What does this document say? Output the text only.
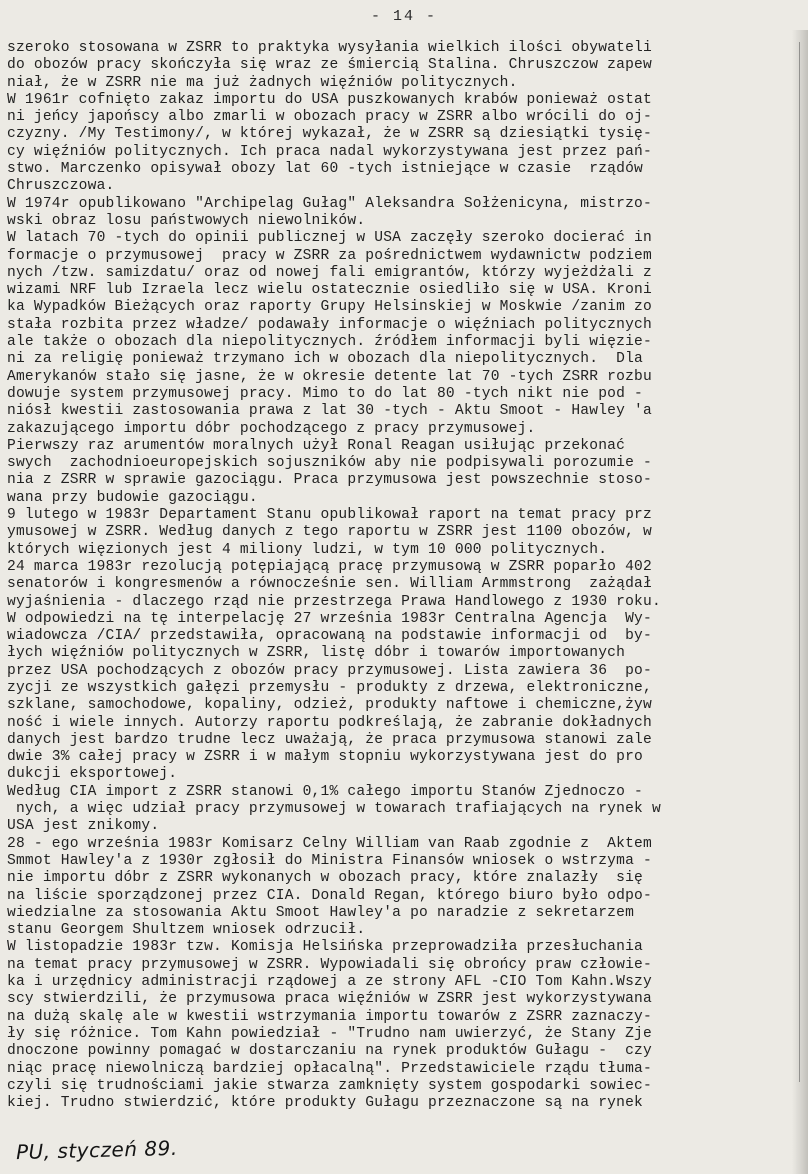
- 14 -
szeroko stosowana w ZSRR to praktyka wysyłania wielkich ilości obywateli
do obozów pracy skończyła się wraz ze śmiercią Stalina. Chruszczow zapew
niał, że w ZSRR nie ma już żadnych więźniów politycznych.
W 1961r cofnięto zakaz importu do USA puszkowanych krabów ponieważ ostat
ni jeńcy japońscy albo zmarli w obozach pracy w ZSRR albo wrócili do oj-
czyzny. /My Testimony/, w której wykazał, że w ZSRR są dziesiątki tysię-
cy więźniów politycznych. Ich praca nadal wykorzystywana jest przez pań-
stwo. Marczenko opisywał obozy lat 60 -tych istniejące w czasie  rządów
Chruszczowa.
W 1974r opublikowano "Archipelag Gułag" Aleksandra Sołżenicyna, mistrzo-
wski obraz losu państwowych niewolników.
W latach 70 -tych do opinii publicznej w USA zaczęły szeroko docierać in
formacje o przymusowej  pracy w ZSRR za pośrednictwem wydawnictw podziem
nych /tzw. samizdatu/ oraz od nowej fali emigrantów, którzy wyjeżdżali z
wizami NRF lub Izraela lecz wielu ostatecznie osiedliło się w USA. Kroni
ka Wypadków Bieżących oraz raporty Grupy Helsinskiej w Moskwie /zanim zo
stała rozbita przez władze/ podawały informacje o więźniach politycznych
ale także o obozach dla niepolitycznych. źródłem informacji byli więzie-
ni za religię ponieważ trzymano ich w obozach dla niepolitycznych.  Dla
Amerykanów stało się jasne, że w okresie detente lat 70 -tych ZSRR rozbu
dowuje system przymusowej pracy. Mimo to do lat 80 -tych nikt nie pod -
niósł kwestii zastosowania prawa z lat 30 -tych - Aktu Smoot - Hawley 'a
zakazującego importu dóbr pochodzącego z pracy przymusowej.
Pierwszy raz arumentów moralnych użył Ronal Reagan usiłując przekonać
swych  zachodnioeuropejskich sojuszników aby nie podpisywali porozumie -
nia z ZSRR w sprawie gazociągu. Praca przymusowa jest powszechnie stoso-
wana przy budowie gazociągu.
9 lutego w 1983r Departament Stanu opublikował raport na temat pracy prz
ymusowej w ZSRR. Według danych z tego raportu w ZSRR jest 1100 obozów, w
których więzionych jest 4 miliony ludzi, w tym 10 000 politycznych.
24 marca 1983r rezolucją potępiającą pracę przymusową w ZSRR poparło 402
senatorów i kongresmenów a równocześnie sen. William Armmstrong  zażądał
wyjaśnienia - dlaczego rząd nie przestrzega Prawa Handlowego z 1930 roku.
W odpowiedzi na tę interpelację 27 września 1983r Centralna Agencja  Wy-
wiadowcza /CIA/ przedstawiła, opracowaną na podstawie informacji od  by-
łych więźniów politycznych w ZSRR, listę dóbr i towarów importowanych
przez USA pochodzących z obozów pracy przymusowej. Lista zawiera 36  po-
zycji ze wszystkich gałęzi przemysłu - produkty z drzewa, elektroniczne,
szklane, samochodowe, kopaliny, odzież, produkty naftowe i chemiczne,żyw
ność i wiele innych. Autorzy raportu podkreślają, że zabranie dokładnych
danych jest bardzo trudne lecz uważają, że praca przymusowa stanowi zale
dwie 3% całej pracy w ZSRR i w małym stopniu wykorzystywana jest do pro
dukcji eksportowej.
Według CIA import z ZSRR stanowi 0,1% całego importu Stanów Zjednoczo -
nych, a więc udział pracy przymusowej w towarach trafiających na rynek w
USA jest znikomy.
28 - ego września 1983r Komisarz Celny William van Raab zgodnie z  Aktem
Smmot Hawley'a z 1930r zgłosił do Ministra Finansów wniosek o wstrzyma -
nie importu dóbr z ZSRR wykonanych w obozach pracy, które znalazły  się
na liście sporządzonej przez CIA. Donald Regan, którego biuro było odpo-
wiedzialne za stosowania Aktu Smoot Hawley'a po naradzie z sekretarzem
stanu Georgem Shultzem wniosek odrzucił.
W listopadzie 1983r tzw. Komisja Helsińska przeprowadziła przesłuchania
na temat pracy przymusowej w ZSRR. Wypowiadali się obrońcy praw człowie-
ka i urzędnicy administracji rządowej a ze strony AFL -CIO Tom Kahn.Wszy
scy stwierdzili, że przymusowa praca więźniów w ZSRR jest wykorzystywana
na dużą skalę ale w kwestii wstrzymania importu towarów z ZSRR zaznaczy-
ły się różnice. Tom Kahn powiedział - "Trudno nam uwierzyć, że Stany Zje
dnoczone powinny pomagać w dostarczaniu na rynek produktów Gułagu -  czy
niąc pracę niewolniczą bardziej opłacalną". Przedstawiciele rządu tłuma-
czyli się trudnościami jakie stwarza zamknięty system gospodarki sowiec-
kiej. Trudno stwierdzić, które produkty Gułagu przeznaczone są na rynek
PU, styczeń 89.
